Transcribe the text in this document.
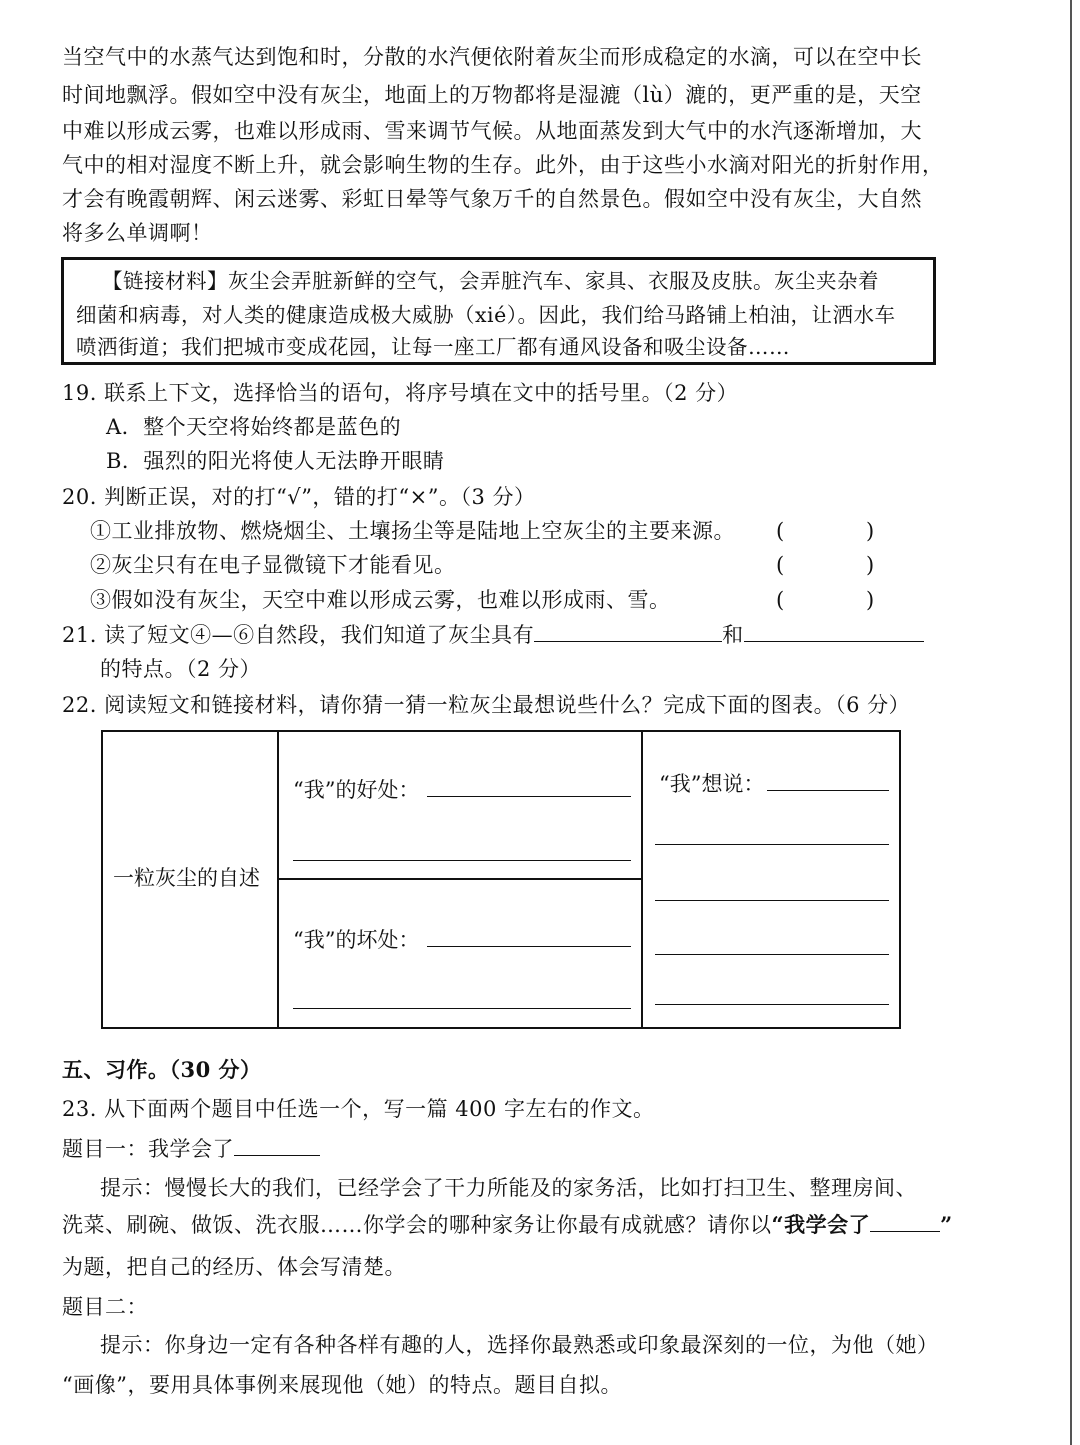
当空气中的水蒸气达到饱和时，分散的水汽便依附着灰尘而形成稳定的水滴，可以在空中长
时间地飘浮。假如空中没有灰尘，地面上的万物都将是湿漉（lù）漉的，更严重的是，天空
中难以形成云雾，也难以形成雨、雪来调节气候。从地面蒸发到大气中的水汽逐渐增加，大
气中的相对湿度不断上升，就会影响生物的生存。此外，由于这些小水滴对阳光的折射作用，
才会有晚霞朝辉、闲云迷雾、彩虹日晕等气象万千的自然景色。假如空中没有灰尘，大自然
将多么单调啊！
【链接材料】灰尘会弄脏新鲜的空气，会弄脏汽车、家具、衣服及皮肤。灰尘夹杂着
细菌和病毒，对人类的健康造成极大威胁（xié）。因此，我们给马路铺上柏油，让洒水车
喷洒街道；我们把城市变成花园，让每一座工厂都有通风设备和吸尘设备……
19. 联系上下文，选择恰当的语句，将序号填在文中的括号里。（2 分）
A．整个天空将始终都是蓝色的
B．强烈的阳光将使人无法睁开眼睛
20. 判断正误，对的打“√”，错的打“×”。（3 分）
①工业排放物、燃烧烟尘、土壤扬尘等是陆地上空灰尘的主要来源。 (	)
②灰尘只有在电子显微镜下才能看见。	(	)
③假如没有灰尘，天空中难以形成云雾，也难以形成雨、雪。	(	)
21. 读了短文④—⑥自然段，我们知道了灰尘具有	和
的特点。（2 分）
22. 阅读短文和链接材料，请你猜一猜一粒灰尘最想说些什么？完成下面的图表。（6 分）
一粒灰尘的自述

“我”的好处：	“我”想说：

“我”的坏处：
五、习作。（30 分）
23. 从下面两个题目中任选一个，写一篇 400 字左右的作文。
题目一：我学会了
提示：慢慢长大的我们，已经学会了干力所能及的家务活，比如打扫卫生、整理房间、
洗菜、刷碗、做饭、洗衣服……你学会的哪种家务让你最有成就感？请你以“我学会了	”
为题，把自己的经历、体会写清楚。
题目二：
提示：你身边一定有各种各样有趣的人，选择你最熟悉或印象最深刻的一位，为他（她）
“画像”，要用具体事例来展现他（她）的特点。题目自拟。
